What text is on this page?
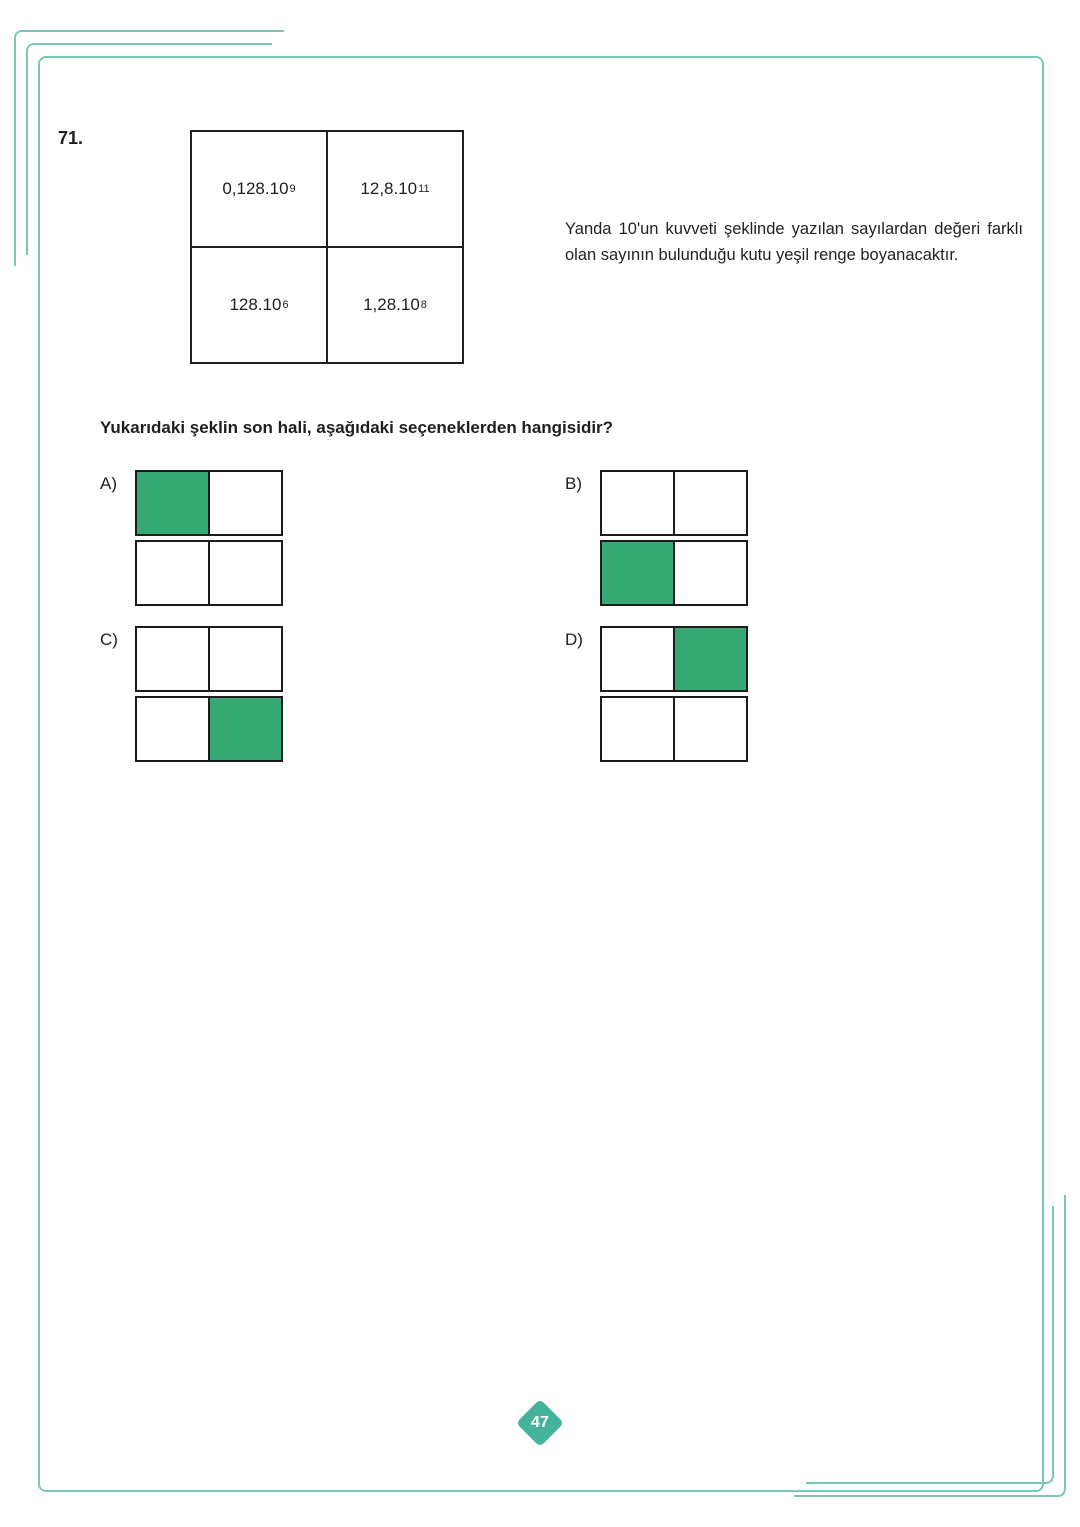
71.
0,128.10 9	12,8.10 11
128.10 6	1,28.10 8

Yanda 10'un kuvveti şeklinde yazılan sayılardan değeri farklı olan sayının bulunduğu kutu yeşil renge boyanacaktır.

Yukarıdaki şeklin son hali, aşağıdaki seçeneklerden hangisidir?

A)	B)
C)	D)
47
